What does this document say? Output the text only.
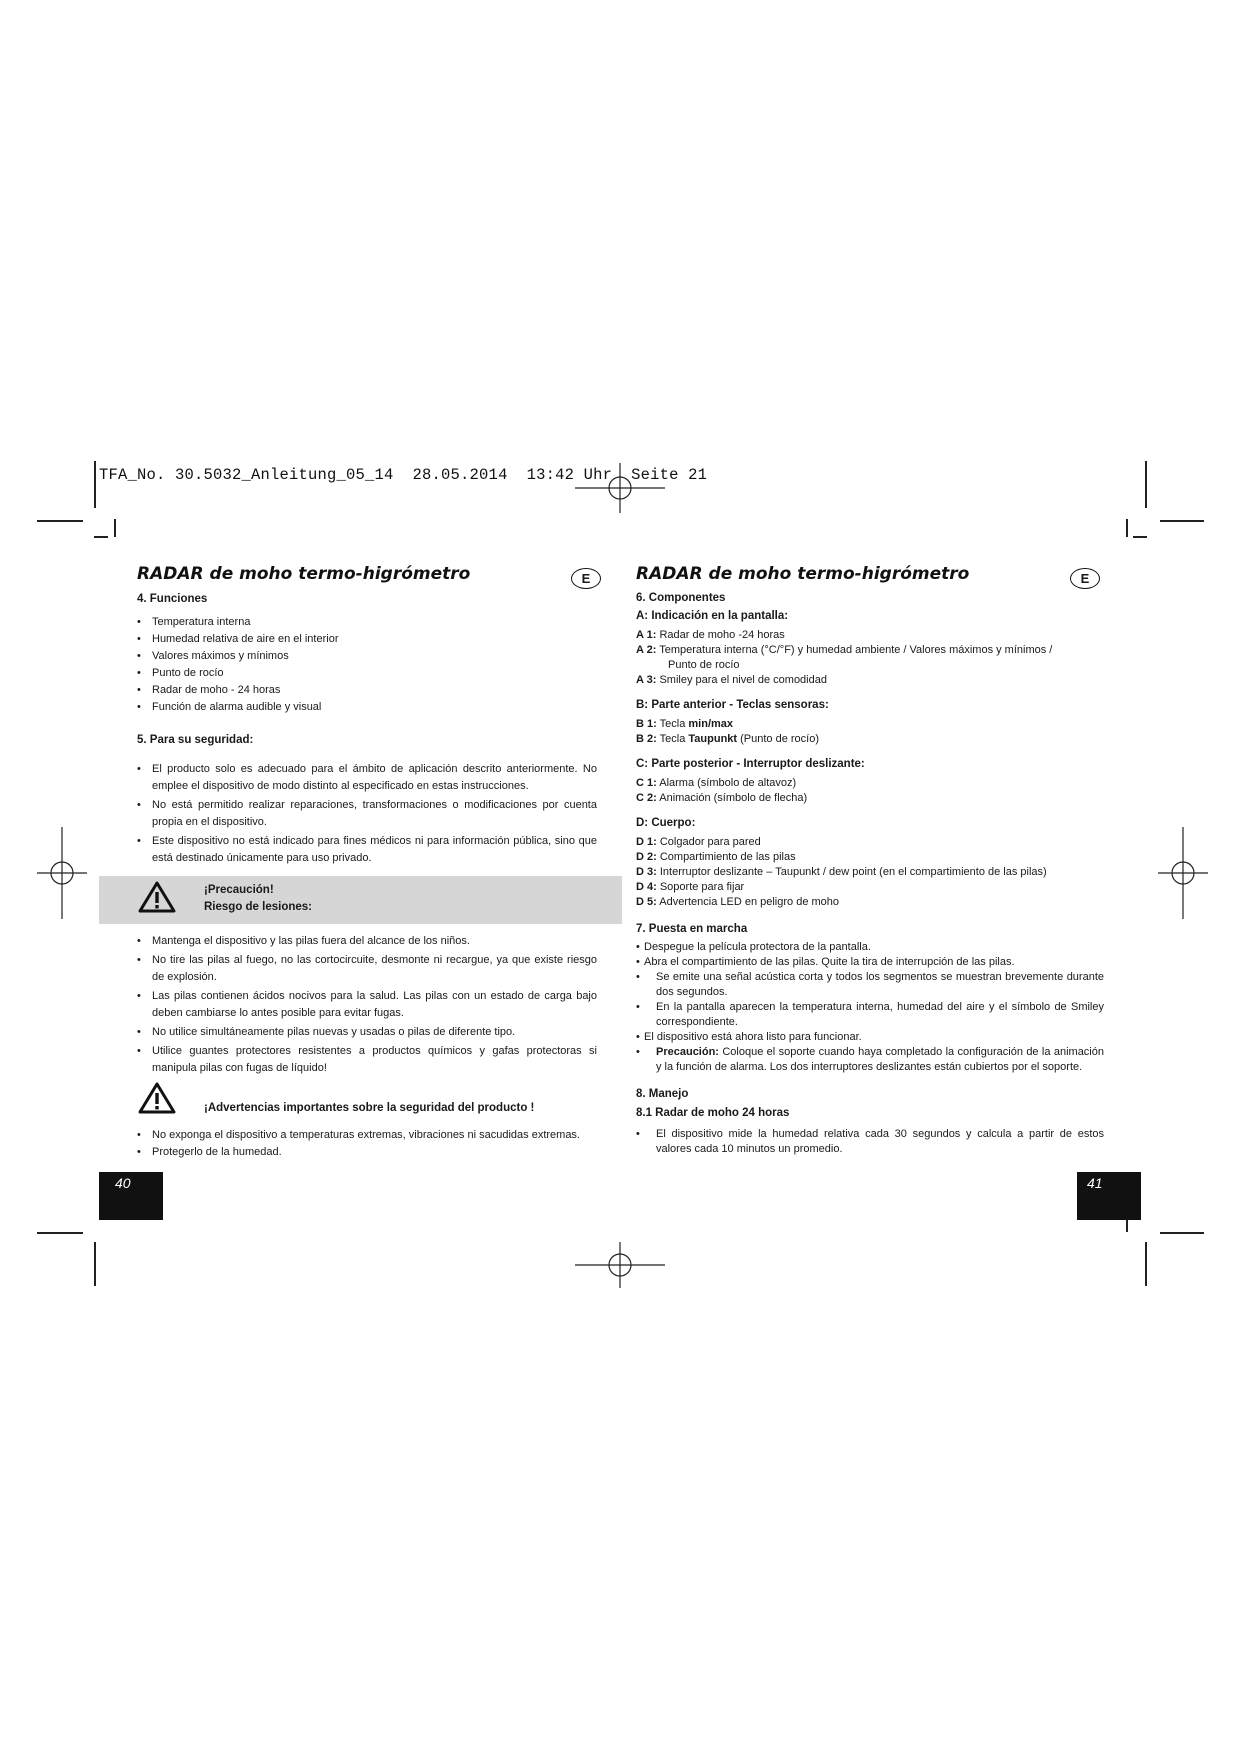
TFA_No. 30.5032_Anleitung_05_14  28.05.2014  13:42 Uhr  Seite 21
RADAR de moho termo-higrómetro	E

4. Funciones

• Temperatura interna

• Humedad relativa de aire en el interior

• Valores máximos y mínimos

• Punto de rocío

• Radar de moho - 24 horas

• Función de alarma audible y visual

5. Para su seguridad:

• El producto solo es adecuado para el ámbito de aplicación descrito anteriormente. No emplee el dispositivo de modo distinto al especificado en estas instrucciones.

• No está permitido realizar reparaciones, transformaciones o modificaciones por cuenta propia en el dispositivo.

• Este dispositivo no está indicado para fines médicos ni para información pública, sino que está destinado únicamente para uso privado.

¡Precaución!
Riesgo de lesiones:

• Mantenga el dispositivo y las pilas fuera del alcance de los niños.

• No tire las pilas al fuego, no las cortocircuite, desmonte ni recargue, ya que existe riesgo de explosión.

• Las pilas contienen ácidos nocivos para la salud. Las pilas con un estado de carga bajo deben cambiarse lo antes posible para evitar fugas.

• No utilice simultáneamente pilas nuevas y usadas o pilas de diferente tipo.

• Utilice guantes protectores resistentes a productos químicos y gafas protectoras si manipula pilas con fugas de líquido!

¡Advertencias importantes sobre la seguridad del producto !

• No exponga el dispositivo a temperaturas extremas, vibraciones ni sacudidas extremas.

• Protegerlo de la humedad.

40
RADAR de moho termo-higrómetro	E

6. Componentes

A: Indicación en la pantalla:

A 1: Radar de moho -24 horas

A 2: Temperatura interna (°C/°F) y humedad ambiente / Valores máximos y mínimos /

Punto de rocío

A 3: Smiley para el nivel de comodidad

B: Parte anterior - Teclas sensoras:

B 1: Tecla min/max

B 2: Tecla Taupunkt (Punto de rocío)

C: Parte posterior - Interruptor deslizante:

C 1: Alarma (símbolo de altavoz)

C 2: Animación (símbolo de flecha)

D: Cuerpo:

D 1: Colgador para pared

D 2: Compartimiento de las pilas

D 3: Interruptor deslizante – Taupunkt / dew point (en el compartimiento de las pilas)

D 4: Soporte para fijar

D 5: Advertencia LED en peligro de moho

7. Puesta en marcha

• Despegue la película protectora de la pantalla.

• Abra el compartimiento de las pilas. Quite la tira de interrupción de las pilas.

• Se emite una señal acústica corta y todos los segmentos se muestran brevemente durante dos segundos.

• En la pantalla aparecen la temperatura interna, humedad del aire y el símbolo de Smiley correspondiente.

• El dispositivo está ahora listo para funcionar.

• Precaución: Coloque el soporte cuando haya completado la configuración de la animación y la función de alarma. Los dos interruptores deslizantes están cubiertos por el soporte.

8. Manejo

8.1 Radar de moho 24 horas

• El dispositivo mide la humedad relativa cada 30 segundos y calcula a partir de estos valores cada 10 minutos un promedio.

41
